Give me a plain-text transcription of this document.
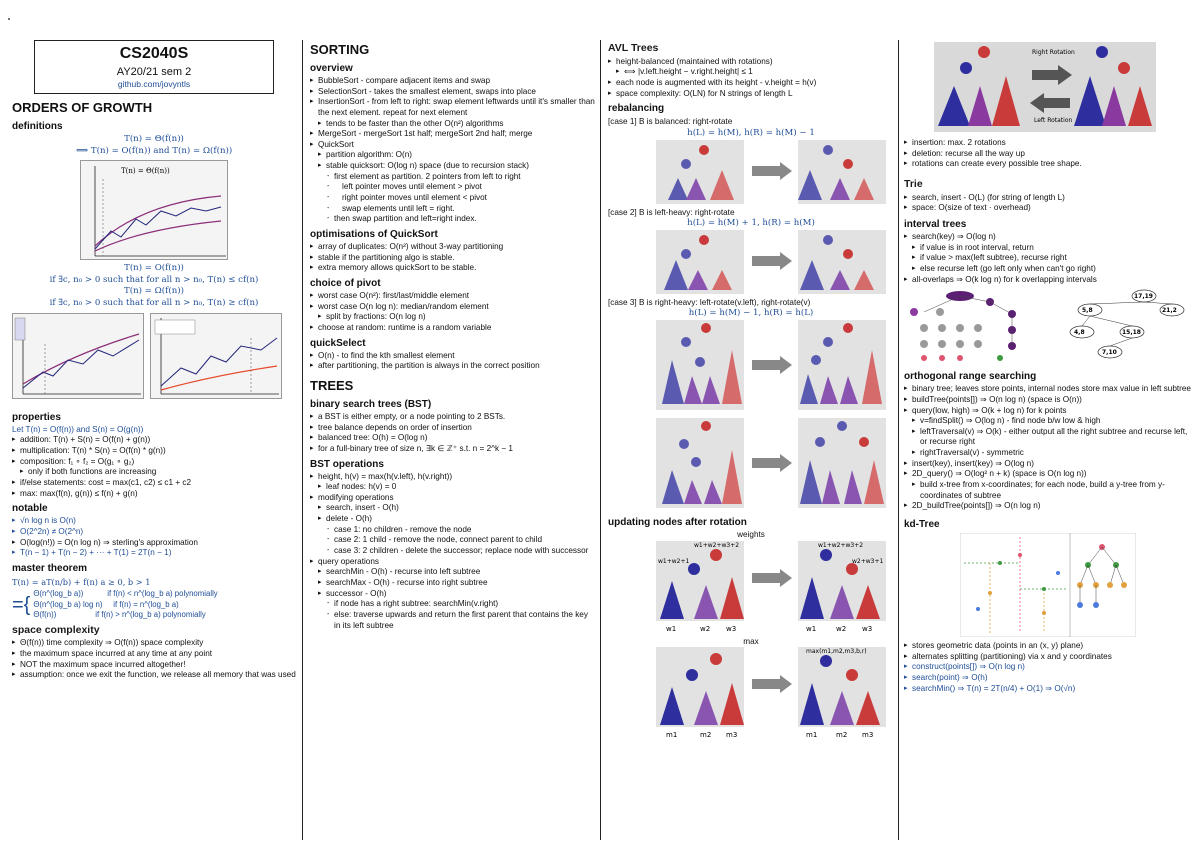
CS2040S
AY20/21 sem 2
github.com/jovyntls
ORDERS OF GROWTH
definitions
T(n) = Θ(f(n))
⟺ T(n) = O(f(n)) and T(n) = Ω(f(n))
T(n) = Θ(f(n))
T(n) = O(f(n))
if ∃c, n₀ > 0 such that for all n > n₀, T(n) ≤ cf(n)
T(n) = Ω(f(n))
if ∃c, n₀ > 0 such that for all n > n₀, T(n) ≥ cf(n)
properties
Let T(n) = O(f(n)) and S(n) = O(g(n))
▸ addition: T(n) + S(n) = O(f(n) + g(n))
▸ multiplication: T(n) * S(n) = O(f(n) * g(n))
▸ composition: f₁ ∘ f₂ = O(g₁ ∘ g₂)
▸ only if both functions are increasing
▸ if/else statements: cost = max(c1, c2) ≤ c1 + c2
▸ max: max(f(n), g(n)) ≤ f(n) + g(n)
notable
▸ √n log n is O(n)
▸ O(2^2n) ≠ O(2^n)
▸ O(log(n!)) = O(n log n) ⇒ sterling's approximation
▸ T(n − 1) + T(n − 2) + ··· + T(1) = 2T(n − 1)
master theorem
T(n) = aT(n/b) + f(n) a ≥ 0, b > 1
={ Θ(n^(log_b a))           if f(n) < n^(log_b a) polynomially
Θ(n^(log_b a) log n)     if f(n) = n^(log_b a)
Θ(f(n))                  if f(n) > n^(log_b a) polynomially
space complexity
▸ Θ(f(n)) time complexity ⇒ O(f(n)) space complexity
▸ the maximum space incurred at any time at any point
▸ NOT the maximum space incurred altogether!
▸ assumption: once we exit the function, we release all memory that was used
SORTING
overview
▸ BubbleSort - compare adjacent items and swap
▸ SelectionSort - takes the smallest element, swaps into place
▸ InsertionSort - from left to right: swap element leftwards until it's smaller than the next element. repeat for next element
▸ tends to be faster than the other O(n²) algorithms
▸ MergeSort - mergeSort 1st half; mergeSort 2nd half; merge
▸ QuickSort
▸ partition algorithm: O(n)
▸ stable quicksort: O(log n) space (due to recursion stack)
- first element as partition. 2 pointers from left to right
- left pointer moves until element > pivot
- right pointer moves until element < pivot
- swap elements until left = right.
- then swap partition and left=right index.
optimisations of QuickSort
▸ array of duplicates: O(n²) without 3-way partitioning
▸ stable if the partitioning algo is stable.
▸ extra memory allows quickSort to be stable.
choice of pivot
▸ worst case O(n²): first/last/middle element
▸ worst case O(n log n): median/random element
▸ split by fractions: O(n log n)
▸ choose at random: runtime is a random variable
quickSelect
▸ O(n) - to find the kth smallest element
▸ after partitioning, the partition is always in the correct position
TREES
binary search trees (BST)
▸ a BST is either empty, or a node pointing to 2 BSTs.
▸ tree balance depends on order of insertion
▸ balanced tree: O(h) = O(log n)
▸ for a full-binary tree of size n, ∃k ∈ ℤ⁺ s.t. n = 2^k − 1
BST operations
▸ height, h(v) = max(h(v.left), h(v.right))
▸ leaf nodes: h(v) = 0
▸ modifying operations
▸ search, insert - O(h)
▸ delete - O(h)
- case 1: no children - remove the node
- case 2: 1 child - remove the node, connect parent to child
- case 3: 2 children - delete the successor; replace node with successor
▸ query operations
▸ searchMin - O(h) - recurse into left subtree
▸ searchMax - O(h) - recurse into right subtree
▸ successor - O(h)
- if node has a right subtree: searchMin(v.right)
- else: traverse upwards and return the first parent that contains the key in its left subtree
AVL Trees
▸ height-balanced (maintained with rotations)
▸ ⟺ |v.left.height − v.right.height| ≤ 1
▸ each node is augmented with its height - v.height = h(v)
▸ space complexity: O(LN) for N strings of length L
rebalancing
[case 1] B is balanced: right-rotate
h(L) = h(M), h(R) = h(M) − 1
[case 2] B is left-heavy: right-rotate
h(L) = h(M) + 1, h(R) = h(M)
[case 3] B is right-heavy: left-rotate(v.left), right-rotate(v)
h(L) = h(M) − 1, h(R) = h(L)
updating nodes after rotation
weights
w1+w2+w3+2
w1+w2+1
w1+w2+w3+2
w2+w3+1
w1	w2 w3	w1	w2 w3
max
max(m1,m2,m3,b,r)
m1	m2 m3	m1	m2 m3
Right Rotation
Left Rotation
▸ insertion: max. 2 rotations
▸ deletion: recurse all the way up
▸ rotations can create every possible tree shape.
Trie
▸ search, insert - O(L) (for string of length L)
▸ space: O(size of text · overhead)
interval trees
▸ search(key) ⇒ O(log n)
▸ if value is in root interval, return
▸ if value > max(left subtree), recurse right
▸ else recurse left (go left only when can't go right)
▸ all-overlaps ⇒ O(k log n) for k overlapping intervals
17,19
5,8	21,2
4,8	15,18
7,10
orthogonal range searching
▸ binary tree; leaves store points, internal nodes store max value in left subtree
▸ buildTree(points[]) ⇒ O(n log n) (space is O(n))
▸ query(low, high) ⇒ O(k + log n) for k points
▸ v=findSplit() ⇒ O(log n) - find node b/w low & high
▸ leftTraversal(v) ⇒ O(k) - either output all the right subtree and recurse left, or recurse right
▸ rightTraversal(v) - symmetric
▸ insert(key), insert(key) ⇒ O(log n)
▸ 2D_query() ⇒ O(log² n + k) (space is O(n log n))
▸ build x-tree from x-coordinates; for each node, build a y-tree from y-coordinates of subtree
▸ 2D_buildTree(points[]) ⇒ O(n log n)
kd-Tree
▸ stores geometric data (points in an (x, y) plane)
▸ alternates splitting (partitioning) via x and y coordinates
▸ construct(points[]) ⇒ O(n log n)
▸ search(point) ⇒ O(h)
▸ searchMin() ⇒ T(n) = 2T(n/4) + O(1) ⇒ O(√n)
